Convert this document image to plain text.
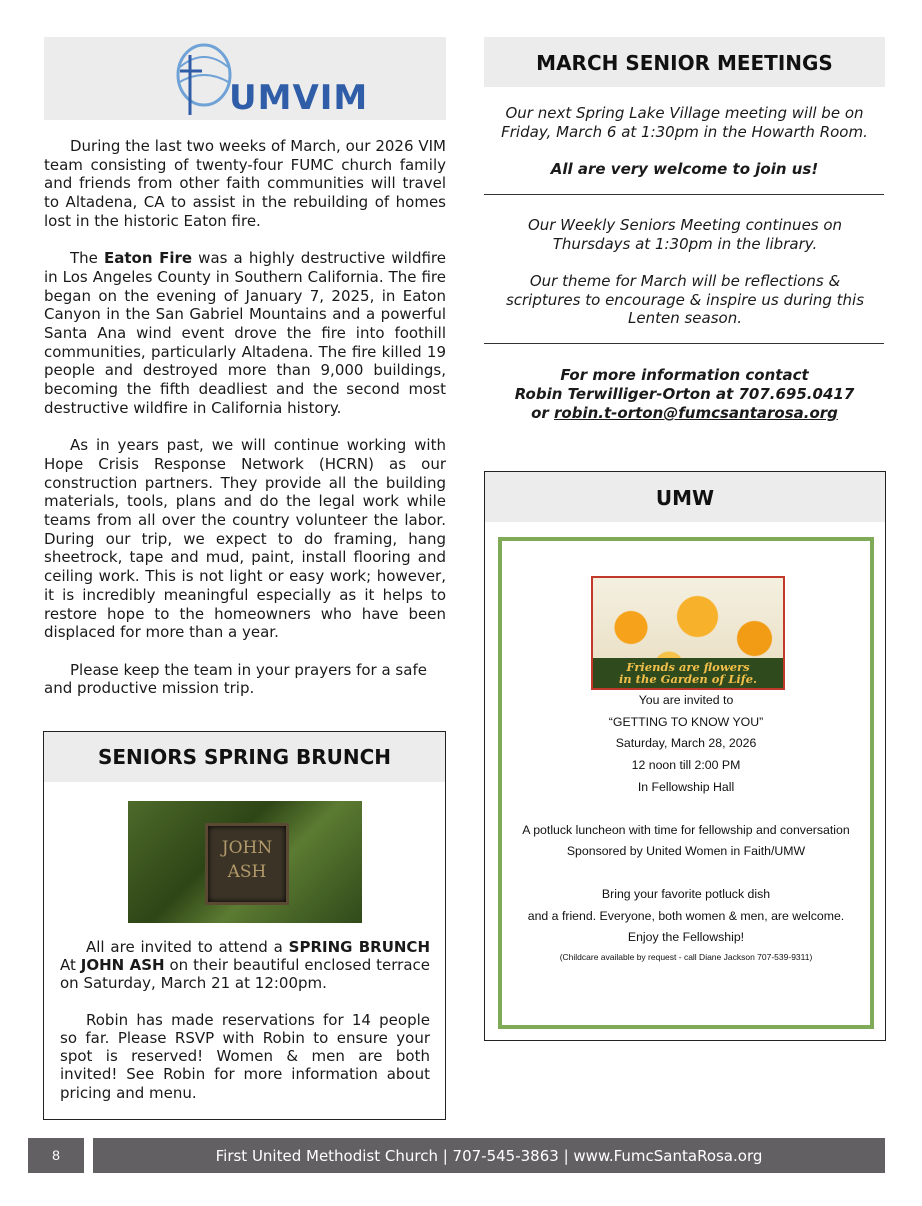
UMVIM

During the last two weeks of March, our 2026 VIM team consisting of twenty-four FUMC church family and friends from other faith communities will travel to Altadena, CA to assist in the rebuilding of homes lost in the historic Eaton fire.

The Eaton Fire was a highly destructive wildfire in Los Angeles County in Southern California. The fire began on the evening of January 7, 2025, in Eaton Canyon in the San Gabriel Mountains and a powerful Santa Ana wind event drove the fire into foothill communities, particularly Altadena. The fire killed 19 people and destroyed more than 9,000 buildings, becoming the fifth deadliest and the second most destructive wildfire in California history.

As in years past, we will continue working with Hope Crisis Response Network (HCRN) as our construction partners. They provide all the building materials, tools, plans and do the legal work while teams from all over the country volunteer the labor. During our trip, we expect to do framing, hang sheetrock, tape and mud, paint, install flooring and ceiling work. This is not light or easy work; however, it is incredibly meaningful especially as it helps to restore hope to the homeowners who have been displaced for more than a year.

Please keep the team in your prayers for a safe and productive mission trip.

SENIORS SPRING BRUNCH
JOHN
ASH

All are invited to attend a SPRING BRUNCH At JOHN ASH on their beautiful enclosed terrace on Saturday, March 21 at 12:00pm.

Robin has made reservations for 14 people so far. Please RSVP with Robin to ensure your spot is reserved! Women & men are both invited! See Robin for more information about pricing and menu.

MARCH SENIOR MEETINGS
Our next Spring Lake Village meeting will be on Friday, March 6 at 1:30pm in the Howarth Room.
All are very welcome to join us!
Our Weekly Seniors Meeting continues on Thursdays at 1:30pm in the library.
Our theme for March will be reflections & scriptures to encourage & inspire us during this Lenten season.
For more information contact
Robin Terwilliger-Orton at 707.695.0417
or robin.t-orton@fumcsantarosa.org
UMW
Friends are flowers
in the Garden of Life.
You are invited to
“GETTING TO KNOW YOU”
Saturday, March 28, 2026
12 noon till 2:00 PM
In Fellowship Hall
A potluck luncheon with time for fellowship and conversation
Sponsored by United Women in Faith/UMW
Bring your favorite potluck dish
and a friend. Everyone, both women & men, are welcome.
Enjoy the Fellowship!
(Childcare available by request - call Diane Jackson 707-539-9311)
8	First United Methodist Church | 707-545-3863 | www.FumcSantaRosa.org
